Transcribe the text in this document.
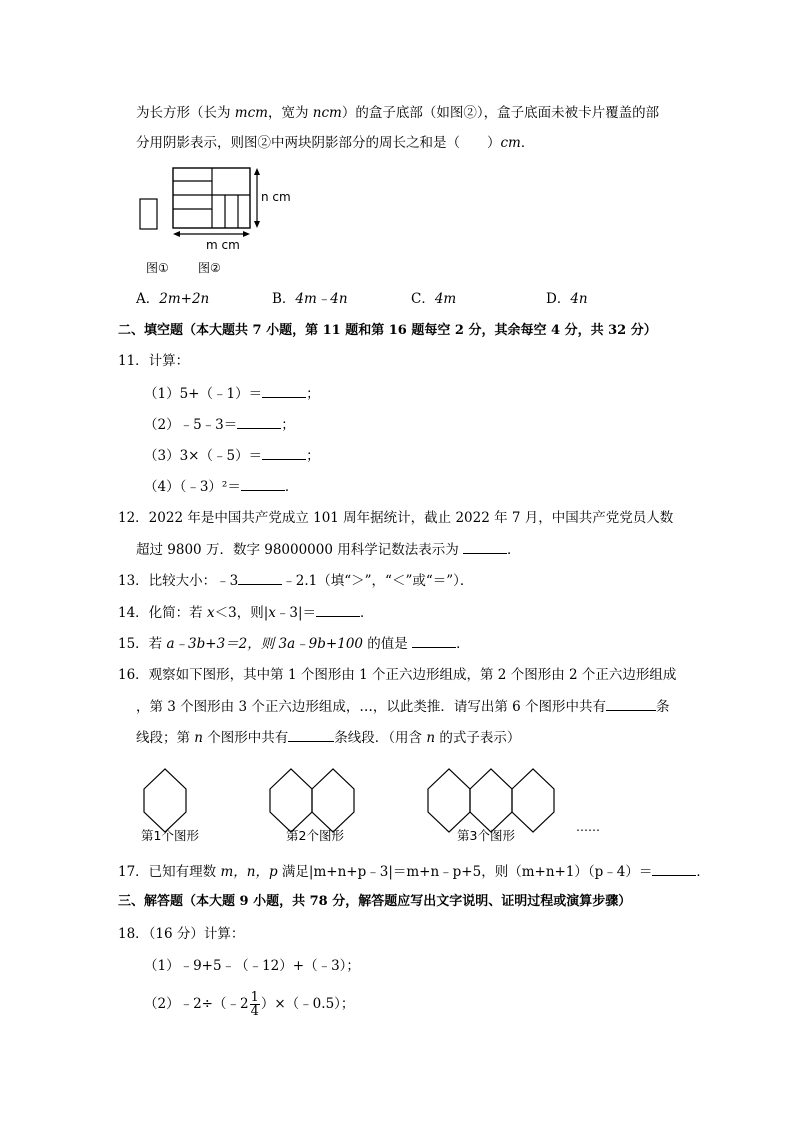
为长方形（长为 mcm，宽为 ncm）的盒子底部（如图②），盒子底面未被卡片覆盖的部
分用阴影表示，则图②中两块阴影部分的周长之和是（　　）cm．
n cm
m cm
图① 图②
A．2m+2n	B．4m﹣4n	C．4m	D．4n
二、填空题（本大题共 7 小题，第 11 题和第 16 题每空 2 分，其余每空 4 分，共 32 分）
11．计算：
（1）5+（﹣1）＝	；
（2）﹣5﹣3＝	；
（3）3×（﹣5）＝	；
（4）（﹣3）²＝	．
12．2022 年是中国共产党成立 101 周年据统计，截止 2022 年 7 月，中国共产党党员人数
超过 9800 万．数字 98000000 用科学记数法表示为	．
13．比较大小：﹣3	﹣2.1（填“＞”，“＜”或“＝”）．
14．化简：若 x＜3，则|x﹣3|＝	．
15．若 a﹣3b+3＝2，则 3a﹣9b+100 的值是	．
16．观察如下图形，其中第 1 个图形由 1 个正六边形组成，第 2 个图形由 2 个正六边形组成
，第 3 个图形由 3 个正六边形组成，…，以此类推．请写出第 6 个图形中共有	条
线段；第 n 个图形中共有	条线段．（用含 n 的式子表示）
第1个图形	第2个图形	第3个图形
……
17．已知有理数 m，n，p 满足|m+n+p﹣3|＝m+n﹣p+5，则（m+n+1）（p﹣4）＝	．
三、解答题（本大题 9 小题，共 78 分，解答题应写出文字说明、证明过程或演算步骤）
18．（16 分）计算：
（1）﹣9+5﹣（﹣12）+（﹣3）；
（2）﹣2÷（﹣2 $\frac{1}{4}$ ）×（﹣0.5）；
